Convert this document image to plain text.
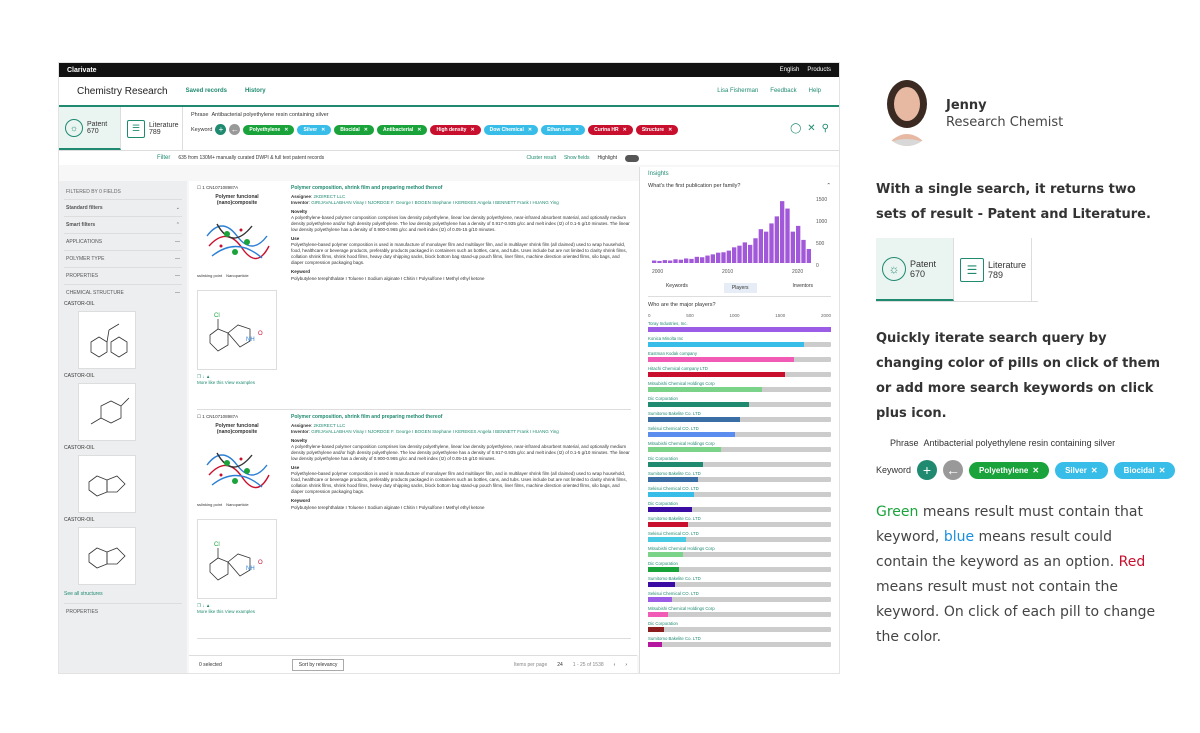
Clarivate	English Products
Chemistry Research	Saved records	History	Lisa Fisherman Feedback Help
☼	Patent
670	☰	Literature
789
Phrase Antibacterial polyethylene resin containing silver
Keyword + ←	Polyethylene ✕	Silver ✕	Biocidal ✕	Antibacterial ✕	High density ✕	Dow Chemical ✕	Ethan Lee ✕	Curina HR ✕	Structure ✕	◯ ✕ ⚲
Filter 635 from 130M+ manually curated DWPI & full text patent records	Cluster result Show fields Highlight
FILTERED BY 0 FIELDS
Standard filters	⌄
Smart filters	⌃
APPLICATIONS	—
POLYMER TYPE	—
PROPERTIES	—
CHEMICAL STRUCTURE	—
CASTOR-OIL
CASTOR-OIL
CASTOR-OIL
CASTOR-OIL
See all structures
PROPERTIES
☐ 1 CN107108987A
Polymer funcional (nano)composite
sslinking point Nanoparticle
Cl
NH
O
❐ ↓ ▲
More like this View examples
Polymer composition, shrink film and preparing method thereof
Assignee: 2KDIRECT LLC
Inventor: GIRIJAVALLABHAN Vinay I NJORDGE F. George I BOGEN Stephane I KEREKES Angela I BENNETT Frank I HUANG Ying
Novelty
A polyethylene-based polymer composition comprises low density polyethylene, linear low density polyethylene, near-infrared absorbent material, and optionally medium density polyethylene and/or high density polyethylene. The low density polyethylene has a density of 0.917-0.935 g/cc and melt index (I2) of 0.1-5 g/10 minutes. The linear low density polyethylene has a density of 0.900-0.965 g/cc and melt index (I2) of 0.05-15 g/10 minutes.
Use
Polyethylene-based polymer composition is used in manufacture of monolayer film and multilayer film, and in multilayer shrink film (all claimed) used to wrap household, food, healthcare or beverage products, preferably products packaged in containers such as bottles, cans, and tubs. Uses include but are not limited to clarity shrink films, collation shrink films, shrink hood films, heavy duty shipping sacks, block bottom bag stand-up pouch films, liner films, machine direction oriented films, silo bags, and diaper compression packaging bags.
Keyword
Polybutylene terephthalate I Toluene I Sodium alginate I Chitin I Polysulfone I Methyl ethyl ketone
☐ 1 CN107108987A
Polymer funcional (nano)composite
sslinking point Nanoparticle
Cl
NH
O
❐ ↓ ▲
More like this View examples
Polymer composition, shrink film and preparing method thereof
Assignee: 2KDIRECT LLC
Inventor: GIRIJAVALLABHAN Vinay I NJORDGE F. George I BOGEN Stephane I KEREKES Angela I BENNETT Frank I HUANG Ying
Novelty
A polyethylene-based polymer composition comprises low density polyethylene, linear low density polyethylene, near-infrared absorbent material, and optionally medium density polyethylene and/or high density polyethylene. The low density polyethylene has a density of 0.917-0.935 g/cc and melt index (I2) of 0.1-5 g/10 minutes. The linear low density polyethylene has a density of 0.900-0.965 g/cc and melt index (I2) of 0.05-15 g/10 minutes.
Use
Polyethylene-based polymer composition is used in manufacture of monolayer film and multilayer film, and in multilayer shrink film (all claimed) used to wrap household, food, healthcare or beverage products, preferably products packaged in containers such as bottles, cans, and tubs. Uses include but are not limited to clarity shrink films, collation shrink films, shrink hood films, heavy duty shipping sacks, block bottom bag stand-up pouch films, liner films, machine direction oriented films, silo bags, and diaper compression packaging bags.
Keyword
Polybutylene terephthalate I Toluene I Sodium alginate I Chitin I Polysulfone I Methyl ethyl ketone
0 selected	Sort by relevancy	Items per page 24 1 - 25 of 1538 ‹ ›
Insights
What's the first publication per family?	⌃
1500
1000
500
0
2000	2010	2020
Keywords	Players	Inventors
Who are the major players?
0	500	1000	1500	2000
Toray Industries, Inc.
Konica Minolta Inc
Eastman Kodak company
Hitachi Chemical company LTD
Mitsubishi Chemical Holdings Corp
Dic Corporation
Sumitomo Bakelite Co. LTD
Sekisui Chemical CO. LTD
Mitsubishi Chemical Holdings Corp
Dic Corporation
Sumitomo Bakelite Co. LTD
Sekisui Chemical CO. LTD
Dic Corporation
Sumitomo Bakelite Co. LTD
Sekisui Chemical CO. LTD
Mitsubishi Chemical Holdings Corp
Dic Corporation
Sumitomo Bakelite Co. LTD
Sekisui Chemical CO. LTD
Mitsubishi Chemical Holdings Corp
Dic Corporation
Sumitomo Bakelite Co. LTD
Jenny
Research Chemist
With a single search, it returns two sets of result - Patent and Literature.
☼	Patent
670	☰	Literature
789
Quickly iterate search query by changing color of pills on click of them or add more search keywords on click plus icon.
Phrase Antibacterial polyethylene resin containing silver
Keyword +	←	Polyethylene ✕	Silver ✕	Biocidal ✕
Green means result must contain that keyword, blue means result could contain the keyword as an option. Red means result must not contain the keyword. On click of each pill to change the color.
